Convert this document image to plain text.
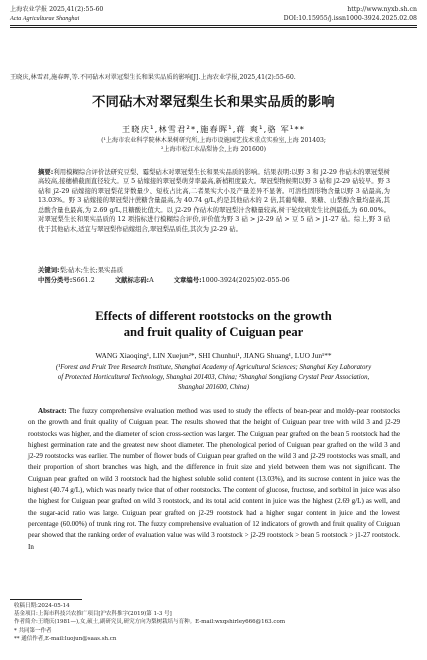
上海农业学报 2025,41(2):55-60
Acta Agriculturae Shanghai
http://www.nyxb.sh.cn
DOI:10.15955/j.issn1000-3924.2025.02.08
王晓庆,林雪君,施春晖,等.不同砧木对翠冠梨生长和果实品质的影响[J].上海农业学报,2025,41(2):55-60.
不同砧木对翠冠梨生长和果实品质的影响
王晓庆¹,林雪君²*,施春晖¹,蒋 爽¹,骆 军¹**
(¹上海市农业科学院林木果树研究所,上海市设施园艺技术重点实验室,上海 201403;
²上海市松江水晶梨协会,上海 201600)
摘要:利用模糊综合评价法研究豆梨、霉梨砧木对翠冠梨生长和果实品质的影响。结果表明:以野 3 和 j2-29 作砧木的翠冠梨树高较高,接穗横截面直径较大。豆 5 砧嫁接的翠冠梨萌芽率最高,新梢粗度最大。翠冠梨物候期以野 3 砧和 j2-29 砧较早。野 3 砧和 j2-29 砧嫁接的翠冠梨花芽数量少、短枝占比高,二者果实大小及产量差异不显著。可溶性固形物含量以野 3 砧最高,为 13.03%。野 3 砧嫁接的翠冠梨汁蔗糖含量最高,为 40.74 g/L,约是其他砧木的 2 倍,其葡萄糖、果糖、山梨醇含量均最高,其总酸含量也最高,为 2.69 g/L,且糖酸比值大。以 j2-29 作砧木的翠冠梨汁含糖量较高,树干轮纹病发生比例最低,为 60.00%。对翠冠梨生长和果实品质的 12 项指标进行模糊综合评价,评价值为野 3 砧 > j2-29 砧 > 豆 5 砧 > j1-27 砧。综上,野 3 砧优于其他砧木,适宜与翠冠梨作砧嫁组合,翠冠梨品质佳,其次为 j2-29 砧。
关键词:梨;砧木;生长;果实品质
中图分类号:S661.2	文献标志码:A	文章编号:1000-3924(2025)02-055-06
Effects of different rootstocks on the growth
and fruit quality of Cuiguan pear
WANG Xiaoqing¹, LIN Xuejun²*, SHI Chunhui¹, JIANG Shuang¹, LUO Jun¹**
(¹Forest and Fruit Tree Research Institute, Shanghai Academy of Agricultural Sciences; Shanghai Key Laboratory
of Protected Horticultural Technology, Shanghai 201403, China; ²Shanghai Songjiang Crystal Pear Association,
Shanghai 201600, China)
Abstract: The fuzzy comprehensive evaluation method was used to study the effects of bean-pear and moldy-pear rootstocks on the growth and fruit quality of Cuiguan pear. The results showed that the height of Cuiguan pear tree with wild 3 and j2-29 rootstocks was higher, and the diameter of scion cross-section was larger. The Cuiguan pear grafted on the bean 5 rootstock had the highest germination rate and the greatest new shoot diameter. The phenological period of Cuiguan pear grafted on the wild 3 and j2-29 rootstocks was earlier. The number of flower buds of Cuiguan pear grafted on the wild 3 and j2-29 rootstocks was small, and their proportion of short branches was high, and the difference in fruit size and yield between them was not significant. The Cuiguan pear grafted on wild 3 rootstock had the highest soluble solid content (13.03%), and its sucrose content in juice was the highest (40.74 g/L), which was nearly twice that of other rootstocks. The content of glucose, fructose, and sorbitol in juice was also the highest for Cuiguan pear grafted on wild 3 rootstock, and its total acid content in juice was the highest (2.69 g/L) as well, and the sugar-acid ratio was large. Cuiguan pear grafted on j2-29 rootstock had a higher sugar content in juice and the lowest percentage (60.00%) of trunk ring rot. The fuzzy comprehensive evaluation of 12 indicators of growth and fruit quality of Cuiguan pear showed that the ranking order of evaluation value was wild 3 rootstock > j2-29 rootstock > bean 5 rootstock > j1-27 rootstock. In
收稿日期:2024-05-14
基金项目:上海市科技兴农推广项目[沪农科推字(2019)第 1-3 号]
作者简介:王晓庆(1981—),女,硕士,副研究员,研究方向为梨树栽培与育种。E-mail:wxqshirley666@163.com
* 共同第一作者
** 通信作者,E-mail:luojun@saas.sh.cn
